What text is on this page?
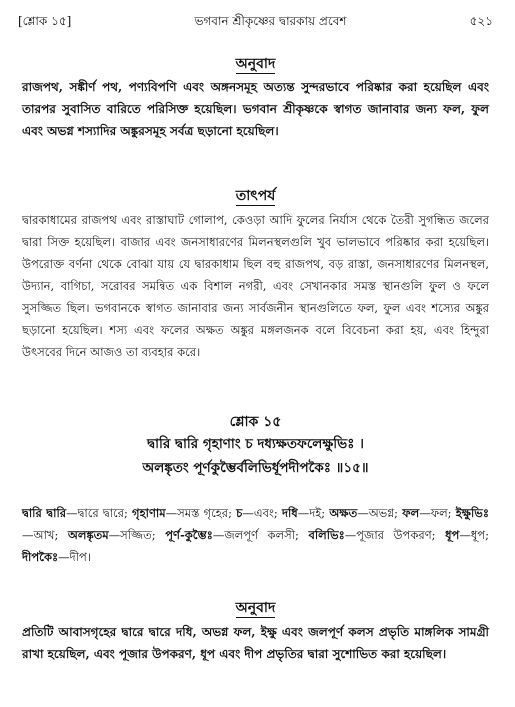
[শ্লোক ১৫]	ভগবান শ্রীকৃষ্ণের দ্বারকায় প্রবেশ	৫২১
অনুবাদ
রাজপথ, সঙ্কীর্ণ পথ, পণ্যবিপণি এবং অঙ্গনসমূহ অত্যন্ত সুন্দরভাবে পরিষ্কার করা হয়েছিল এবং তারপর সুবাসিত বারিতে পরিসিক্ত হয়েছিল। ভগবান শ্রীকৃষ্ণকে স্বাগত জানাবার জন্য ফল, ফুল এবং অভগ্ন শস্যাদির অঙ্কুরসমূহ সর্বত্র ছড়ানো হয়েছিল।
তাৎপর্য
দ্বারকাধামের রাজপথ এবং রাস্তাঘাট গোলাপ, কেওড়া আদি ফুলের নির্যাস থেকে তৈরী সুগন্ধিত জলের দ্বারা সিক্ত হয়েছিল। বাজার এবং জনসাধারণের মিলনস্থলগুলি খুব ভালভাবে পরিষ্কার করা হয়েছিল। উপরোক্ত বর্ণনা থেকে বোঝা যায় যে দ্বারকাধাম ছিল বহু রাজপথ, বড় রাস্তা, জনসাধারণের মিলনস্থল, উদ্যান, বাগিচা, সরোবর সমন্বিত এক বিশাল নগরী, এবং সেখানকার সমস্ত স্থানগুলি ফুল ও ফলে সুসজ্জিত ছিল। ভগবানকে স্বাগত জানাবার জন্য সার্বজনীন স্থানগুলিতে ফল, ফুল এবং শস্যের অঙ্কুর ছড়ানো হয়েছিল। শস্য এবং ফলের অক্ষত অঙ্কুর মঙ্গলজনক বলে বিবেচনা করা হয়, এবং হিন্দুরা উৎসবের দিনে আজও তা ব্যবহার করে।
শ্লোক ১৫
দ্বারি দ্বারি গৃহাণাং চ দধ্যক্ষতফলেক্ষুভিঃ ।
অলঙ্কৃতং পূর্ণকুম্ভৈর্বলিভির্ধূপদীপকৈঃ ॥১৫॥
দ্বারি দ্বারি—দ্বারে দ্বারে; গৃহাণাম—সমস্ত গৃহের; চ—এবং; দধি—দই; অক্ষত—অভগ্ন; ফল—ফল; ইক্ষুভিঃ—আখ; অলঙ্কৃতম—সজ্জিত; পূর্ণ-কুম্ভৈঃ—জলপূর্ণ কলসী; বলিভিঃ—পূজার উপকরণ; ধূপ—ধূপ; দীপকৈঃ—দীপ।
অনুবাদ
প্রতিটি আবাসগৃহের দ্বারে দ্বারে দধি, অভগ্ন ফল, ইক্ষু এবং জলপূর্ণ কলস প্রভৃতি মাঙ্গলিক সামগ্রী রাখা হয়েছিল, এবং পূজার উপকরণ, ধূপ এবং দীপ প্রভৃতির দ্বারা সুশোভিত করা হয়েছিল।
